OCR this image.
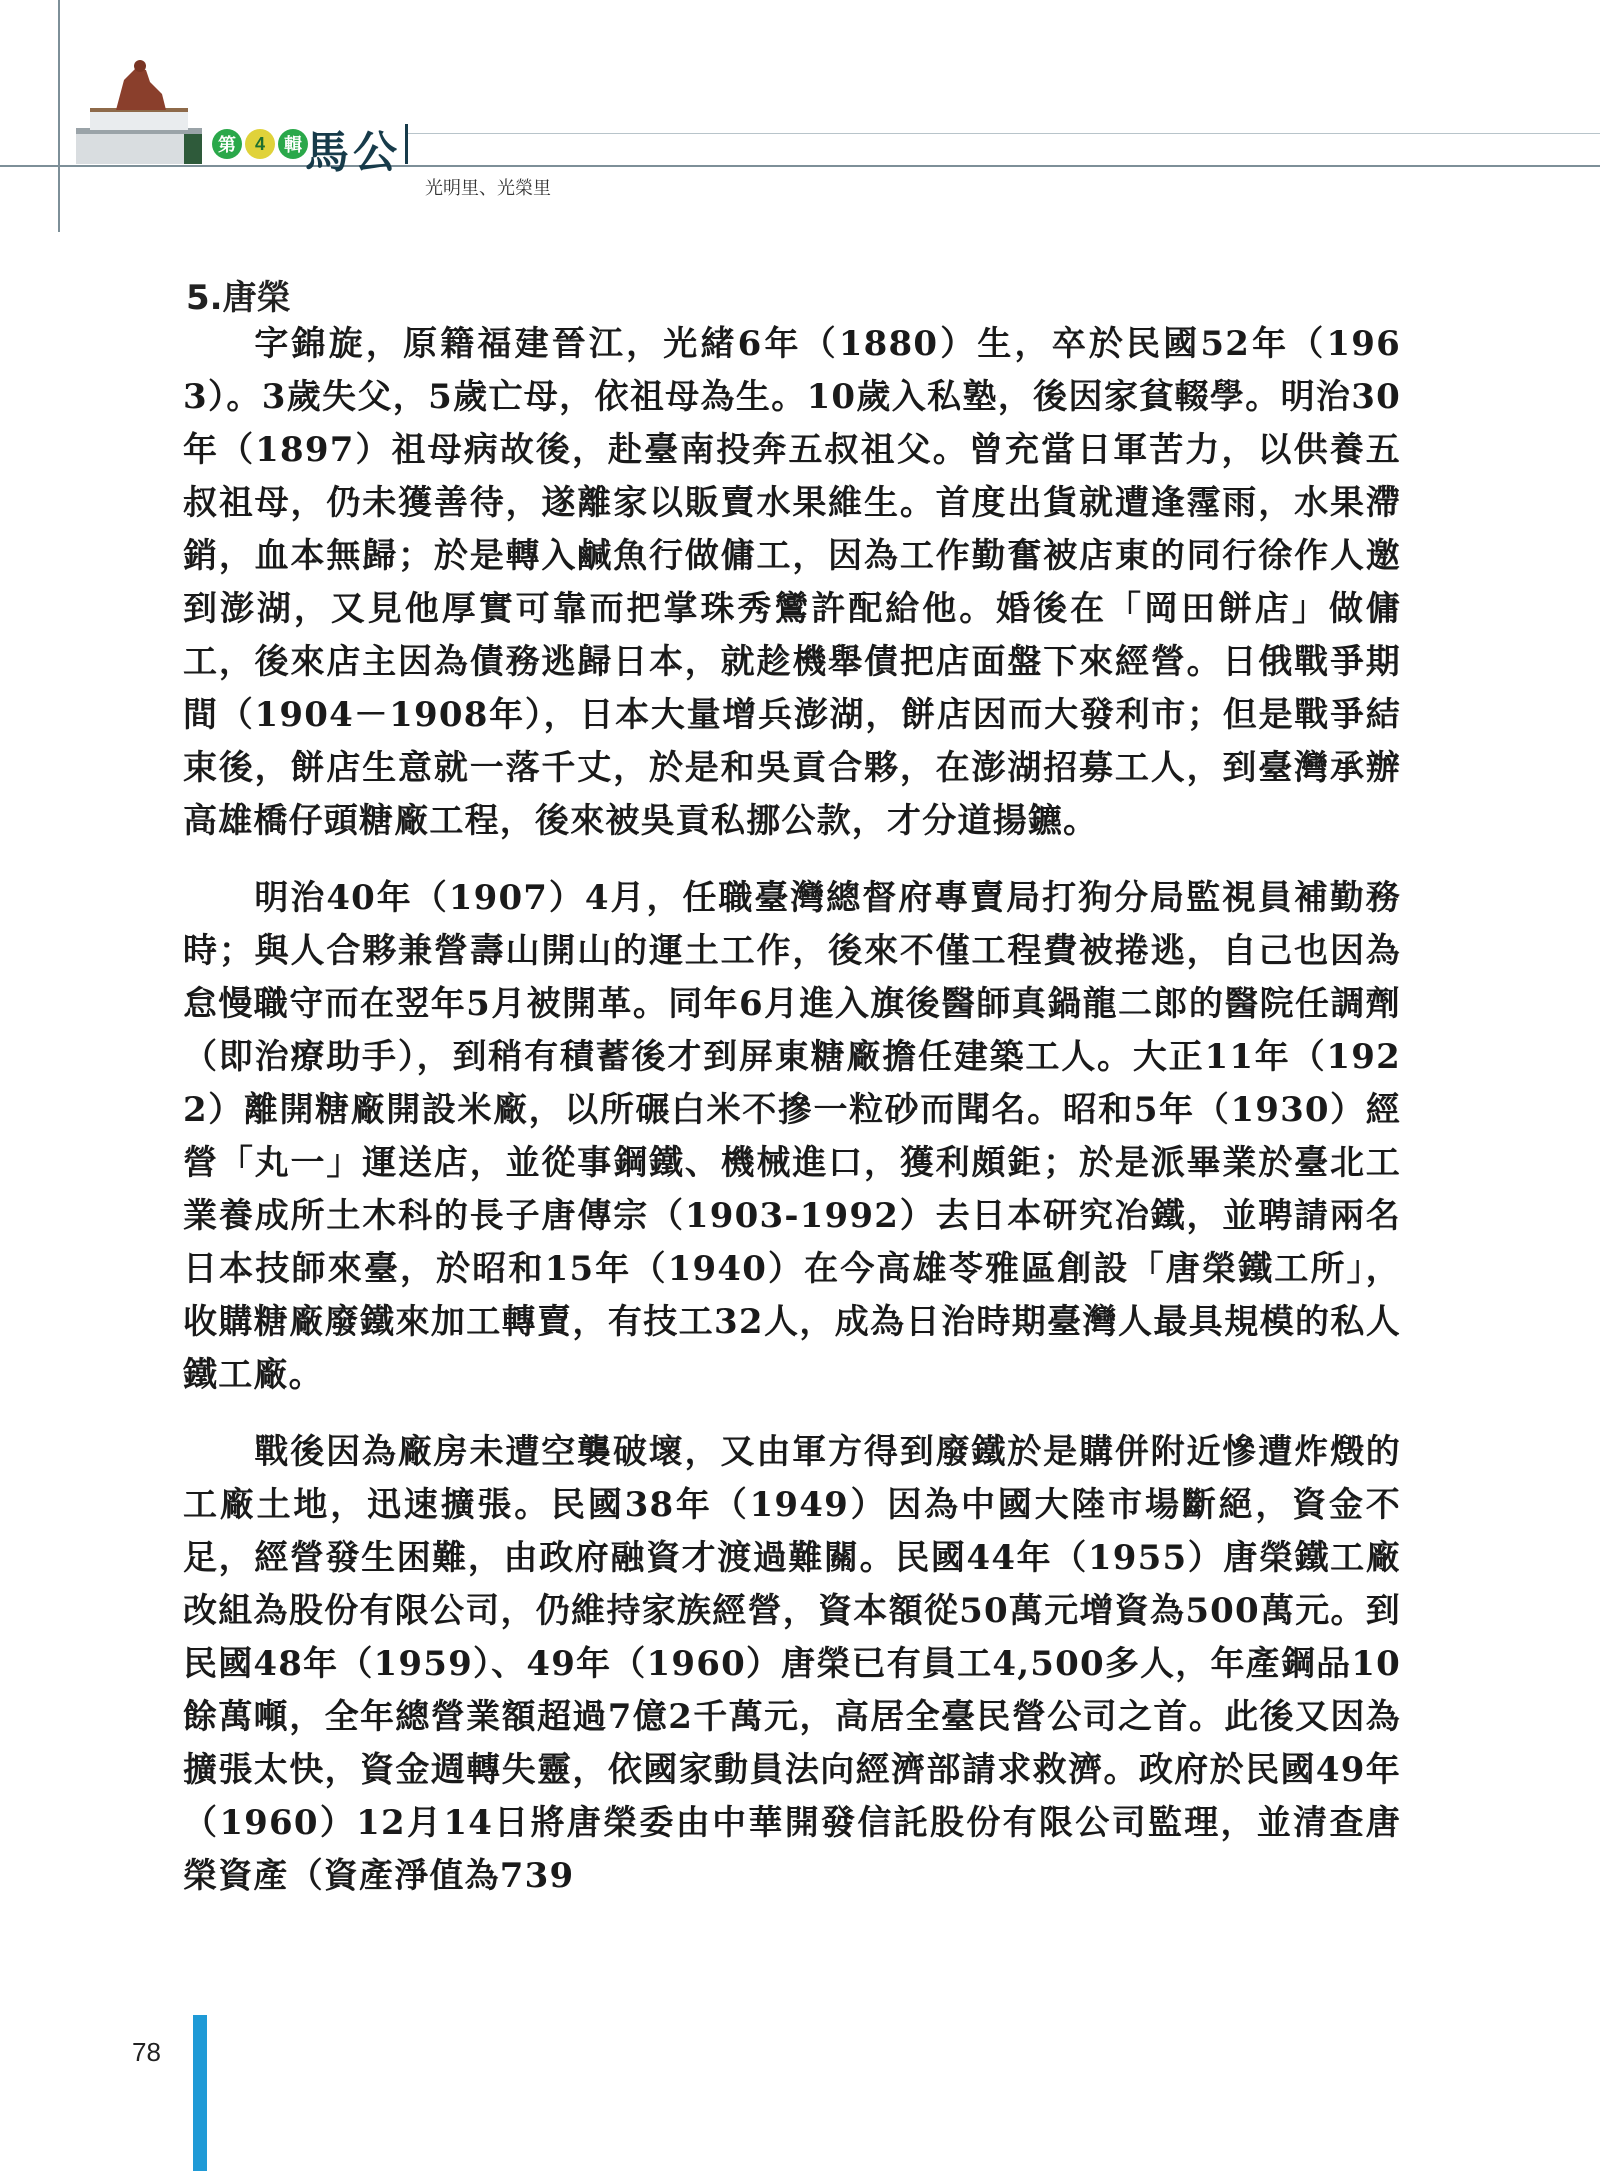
第	4	輯 馬公
光明里、光榮里
5.唐榮

字錦旋，原籍福建晉江，光緒6年（1880）生，卒於民國52年（1963）。3歲失父，5歲亡母，依祖母為生。10歲入私塾，後因家貧輟學。明治30年（1897）祖母病故後，赴臺南投奔五叔祖父。曾充當日軍苦力，以供養五叔祖母，仍未獲善待，遂離家以販賣水果維生。首度出貨就遭逢霪雨，水果滯銷，血本無歸；於是轉入鹹魚行做傭工，因為工作勤奮被店東的同行徐作人邀到澎湖，又見他厚實可靠而把掌珠秀鸞許配給他。婚後在「岡田餅店」做傭工，後來店主因為債務逃歸日本，就趁機舉債把店面盤下來經營。日俄戰爭期間（1904－1908年），日本大量增兵澎湖，餅店因而大發利市；但是戰爭結束後，餅店生意就一落千丈，於是和吳貢合夥，在澎湖招募工人，到臺灣承辦高雄橋仔頭糖廠工程，後來被吳貢私挪公款，才分道揚鑣。

明治40年（1907）4月，任職臺灣總督府專賣局打狗分局監視員補勤務時；與人合夥兼營壽山開山的運土工作，後來不僅工程費被捲逃，自己也因為怠慢職守而在翌年5月被開革。同年6月進入旗後醫師真鍋龍二郎的醫院任調劑（即治療助手），到稍有積蓄後才到屏東糖廠擔任建築工人。大正11年（1922）離開糖廠開設米廠，以所碾白米不摻一粒砂而聞名。昭和5年（1930）經營「丸一」運送店，並從事鋼鐵、機械進口，獲利頗鉅；於是派畢業於臺北工業養成所土木科的長子唐傳宗（1903-1992）去日本研究冶鐵，並聘請兩名日本技師來臺，於昭和15年（1940）在今高雄苓雅區創設「唐榮鐵工所」，收購糖廠廢鐵來加工轉賣，有技工32人，成為日治時期臺灣人最具規模的私人鐵工廠。

戰後因為廠房未遭空襲破壞，又由軍方得到廢鐵於是購併附近慘遭炸燬的工廠土地，迅速擴張。民國38年（1949）因為中國大陸市場斷絕，資金不足，經營發生困難，由政府融資才渡過難關。民國44年（1955）唐榮鐵工廠改組為股份有限公司，仍維持家族經營，資本額從50萬元增資為500萬元。到民國48年（1959）、49年（1960）唐榮已有員工4,500多人，年產鋼品10餘萬噸，全年總營業額超過7億2千萬元，高居全臺民營公司之首。此後又因為擴張太快，資金週轉失靈，依國家動員法向經濟部請求救濟。政府於民國49年（1960）12月14日將唐榮委由中華開發信託股份有限公司監理，並清查唐榮資產（資產淨值為739

78
